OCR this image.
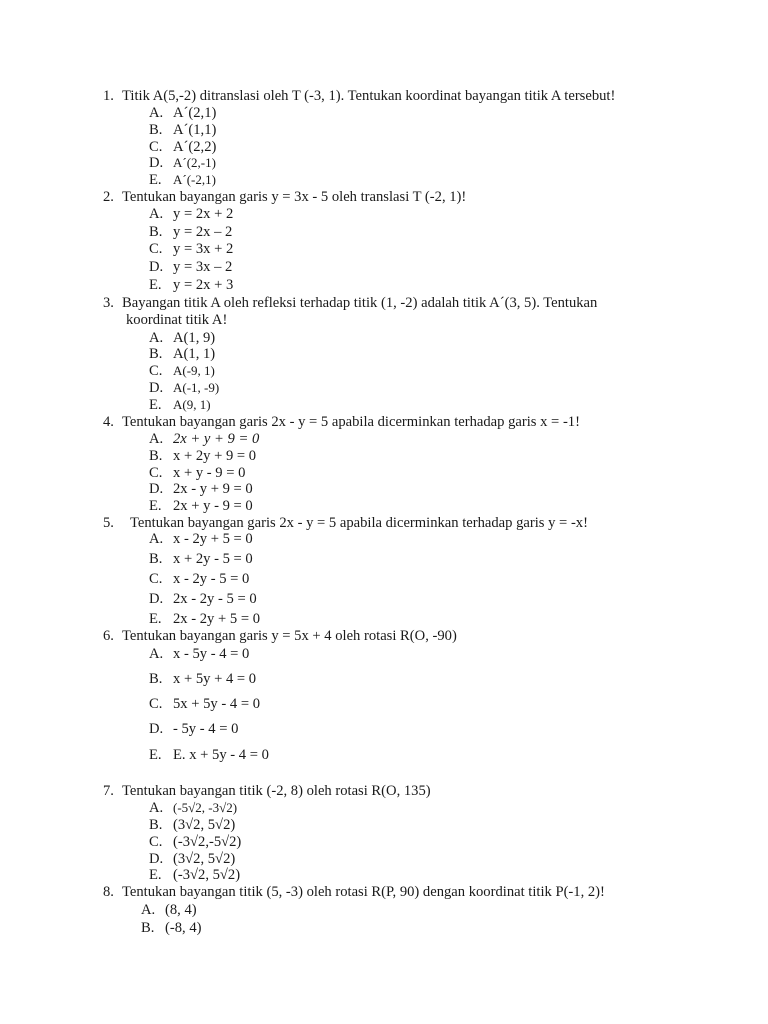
1. Titik A(5,-2) ditranslasi oleh T (-3, 1). Tentukan koordinat bayangan titik A tersebut!
A. A´(2,1)
B. A´(1,1)
C. A´(2,2)
D. A´(2,-1)
E. A´(-2,1)
2. Tentukan bayangan garis y = 3x - 5 oleh translasi T (-2, 1)!
A. y = 2x + 2
B. y = 2x – 2
C. y = 3x + 2
D. y = 3x – 2
E. y = 2x + 3
3. Bayangan titik A oleh refleksi terhadap titik (1, -2) adalah titik A´(3, 5). Tentukan
koordinat titik A!
A. A(1, 9)
B. A(1, 1)
C. A(-9, 1)
D. A(-1, -9)
E. A(9, 1)
4. Tentukan bayangan garis 2x - y = 5 apabila dicerminkan terhadap garis x = -1!
A. 2x + y + 9 = 0
B. x + 2y + 9 = 0
C. x + y - 9 = 0
D. 2x - y + 9 = 0
E. 2x + y - 9 = 0
5. Tentukan bayangan garis 2x - y = 5 apabila dicerminkan terhadap garis y = -x!
A. x - 2y + 5 = 0
B. x + 2y - 5 = 0
C. x - 2y - 5 = 0
D. 2x - 2y - 5 = 0
E. 2x - 2y + 5 = 0
6. Tentukan bayangan garis y = 5x + 4 oleh rotasi R(O, -90)
A. x - 5y - 4 = 0
B. x + 5y + 4 = 0
C. 5x + 5y - 4 = 0
D. - 5y - 4 = 0
E. E. x + 5y - 4 = 0
7. Tentukan bayangan titik (-2, 8) oleh rotasi R(O, 135)
A. (-5√2, -3√2)
B. (3√2, 5√2)
C. (-3√2,-5√2)
D. (3√2, 5√2)
E. (-3√2, 5√2)
8. Tentukan bayangan titik (5, -3) oleh rotasi R(P, 90) dengan koordinat titik P(-1, 2)!
A. (8, 4)
B. (-8, 4)
